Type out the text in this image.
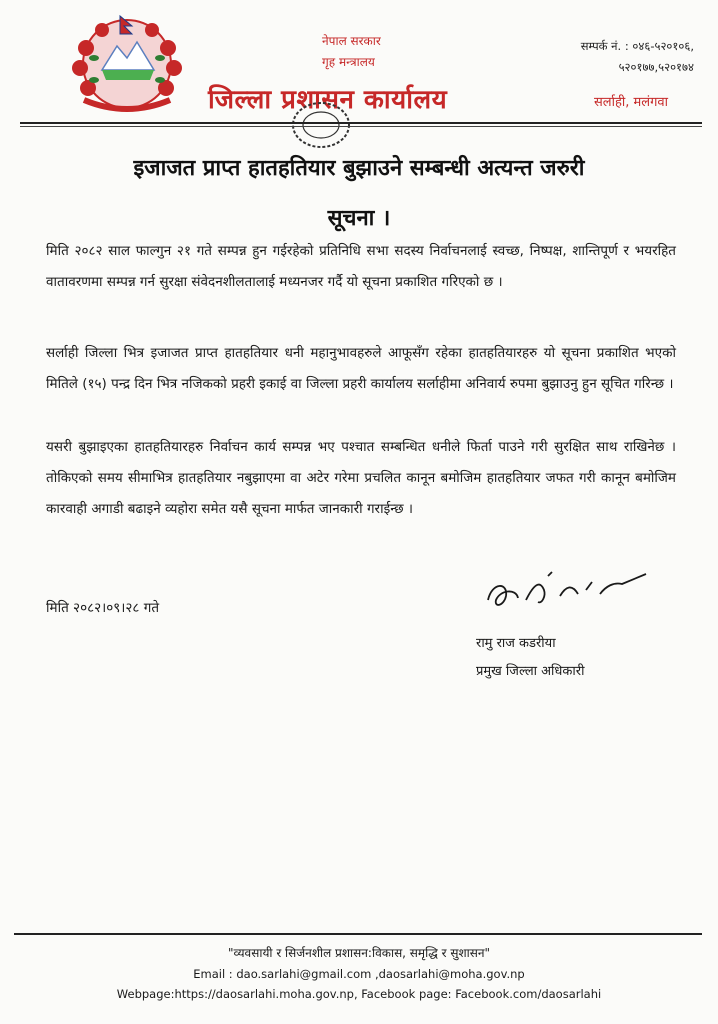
नेपाल सरकार
गृह मन्त्रालय
जिल्ला प्रशासन कार्यालय
सम्पर्क नं. : ०४६-५२०१०६,
५२०१७७,५२०१७४
सर्लाही, मलंगवा
इजाजत प्राप्त हातहतियार बुझाउने सम्बन्धी अत्यन्त जरुरी
सूचना ।
मिति २०८२ साल फाल्गुन २१ गते सम्पन्न हुन गईरहेको प्रतिनिधि सभा सदस्य निर्वाचनलाई स्वच्छ, निष्पक्ष, शान्तिपूर्ण र भयरहित वातावरणमा सम्पन्न गर्न सुरक्षा संवेदनशीलतालाई मध्यनजर गर्दै यो सूचना प्रकाशित गरिएको छ ।
सर्लाही जिल्ला भित्र इजाजत प्राप्त हातहतियार धनी महानुभावहरुले आफूसँग रहेका हातहतियारहरु यो सूचना प्रकाशित भएको मितिले (१५) पन्द्र दिन भित्र नजिकको प्रहरी इकाई वा जिल्ला प्रहरी कार्यालय सर्लाहीमा अनिवार्य रुपमा बुझाउनु हुन सूचित गरिन्छ ।
यसरी बुझाइएका हातहतियारहरु निर्वाचन कार्य सम्पन्न भए पश्चात सम्बन्धित धनीले फिर्ता पाउने गरी सुरक्षित साथ राखिनेछ । तोकिएको समय सीमाभित्र हातहतियार नबुझाएमा वा अटेर गरेमा प्रचलित कानून बमोजिम हातहतियार जफत गरी कानून बमोजिम कारवाही अगाडी बढाइने व्यहोरा समेत यसै सूचना मार्फत जानकारी गराईन्छ ।
मिति २०८२।०९।२८ गते
रामु राज कडरीया
प्रमुख जिल्ला अधिकारी
"व्यवसायी र सिर्जनशील प्रशासन:विकास, समृद्धि र सुशासन"
Email : dao.sarlahi@gmail.com ,daosarlahi@moha.gov.np
Webpage:https://daosarlahi.moha.gov.np, Facebook page: Facebook.com/daosarlahi
